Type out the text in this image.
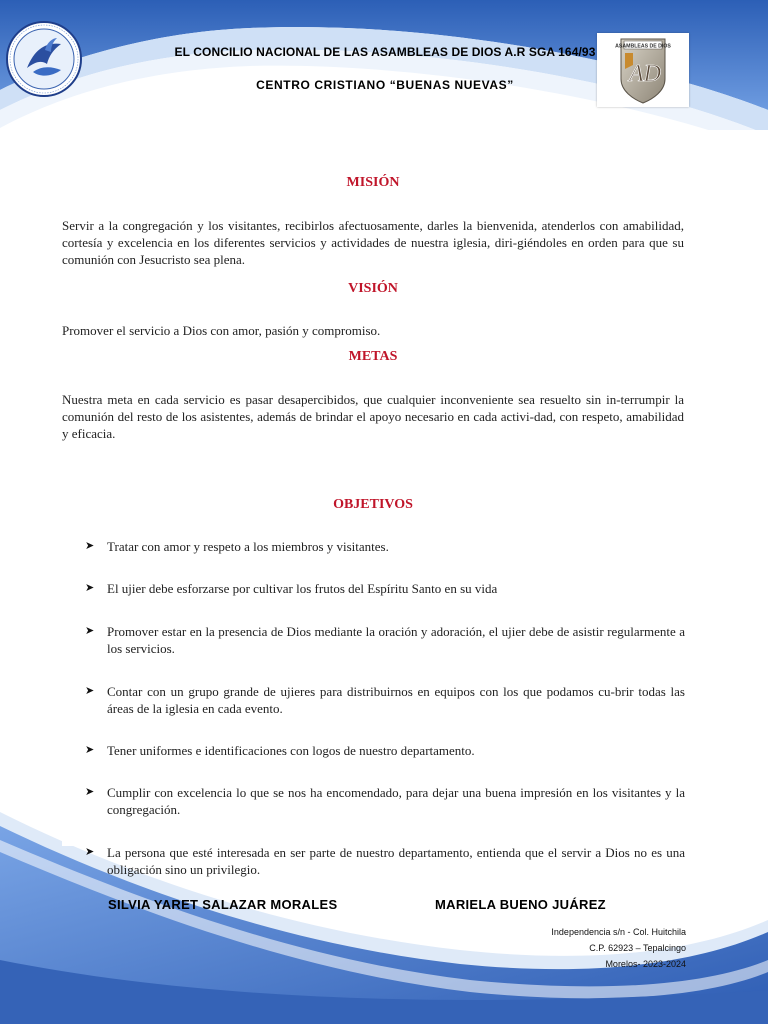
EL CONCILIO NACIONAL DE LAS ASAMBLEAS DE DIOS A.R SGA 164/93
CENTRO CRISTIANO “BUENAS NUEVAS”
ASAMBLEAS DE DIOS
AD
MISIÓN
Servir a la congregación y los visitantes, recibirlos afectuosamente, darles la bienvenida, atenderlos con amabilidad, cortesía y excelencia en los diferentes servicios y actividades de nuestra iglesia, diri-giéndoles en orden para que su comunión con Jesucristo sea plena.
VISIÓN
Promover el servicio a Dios con amor, pasión y compromiso.
METAS
Nuestra meta en cada servicio es pasar desapercibidos, que cualquier inconveniente sea resuelto sin in-terrumpir la comunión del resto de los asistentes, además de brindar el apoyo necesario en cada activi-dad, con respeto, amabilidad y eficacia.
OBJETIVOS
➤ Tratar con amor y respeto a los miembros y visitantes.
➤ El ujier debe esforzarse por cultivar los frutos del Espíritu Santo en su vida
➤ Promover estar en la presencia de Dios mediante la oración y adoración, el ujier debe de asistir regularmente a los servicios.
➤ Contar con un grupo grande de ujieres para distribuirnos en equipos con los que podamos cu-brir todas las áreas de la iglesia en cada evento.
➤ Tener uniformes e identificaciones con logos de nuestro departamento.
➤ Cumplir con excelencia lo que se nos ha encomendado, para dejar una buena impresión en los visitantes y la congregación.
➤ La persona que esté interesada en ser parte de nuestro departamento, entienda que el servir a Dios no es una obligación sino un privilegio.
SILVIA YARET SALAZAR MORALES	MARIELA BUENO JUÁREZ
Independencia s/n - Col. Huitchila
C.P. 62923 – Tepalcingo
Morelos- 2023-2024
